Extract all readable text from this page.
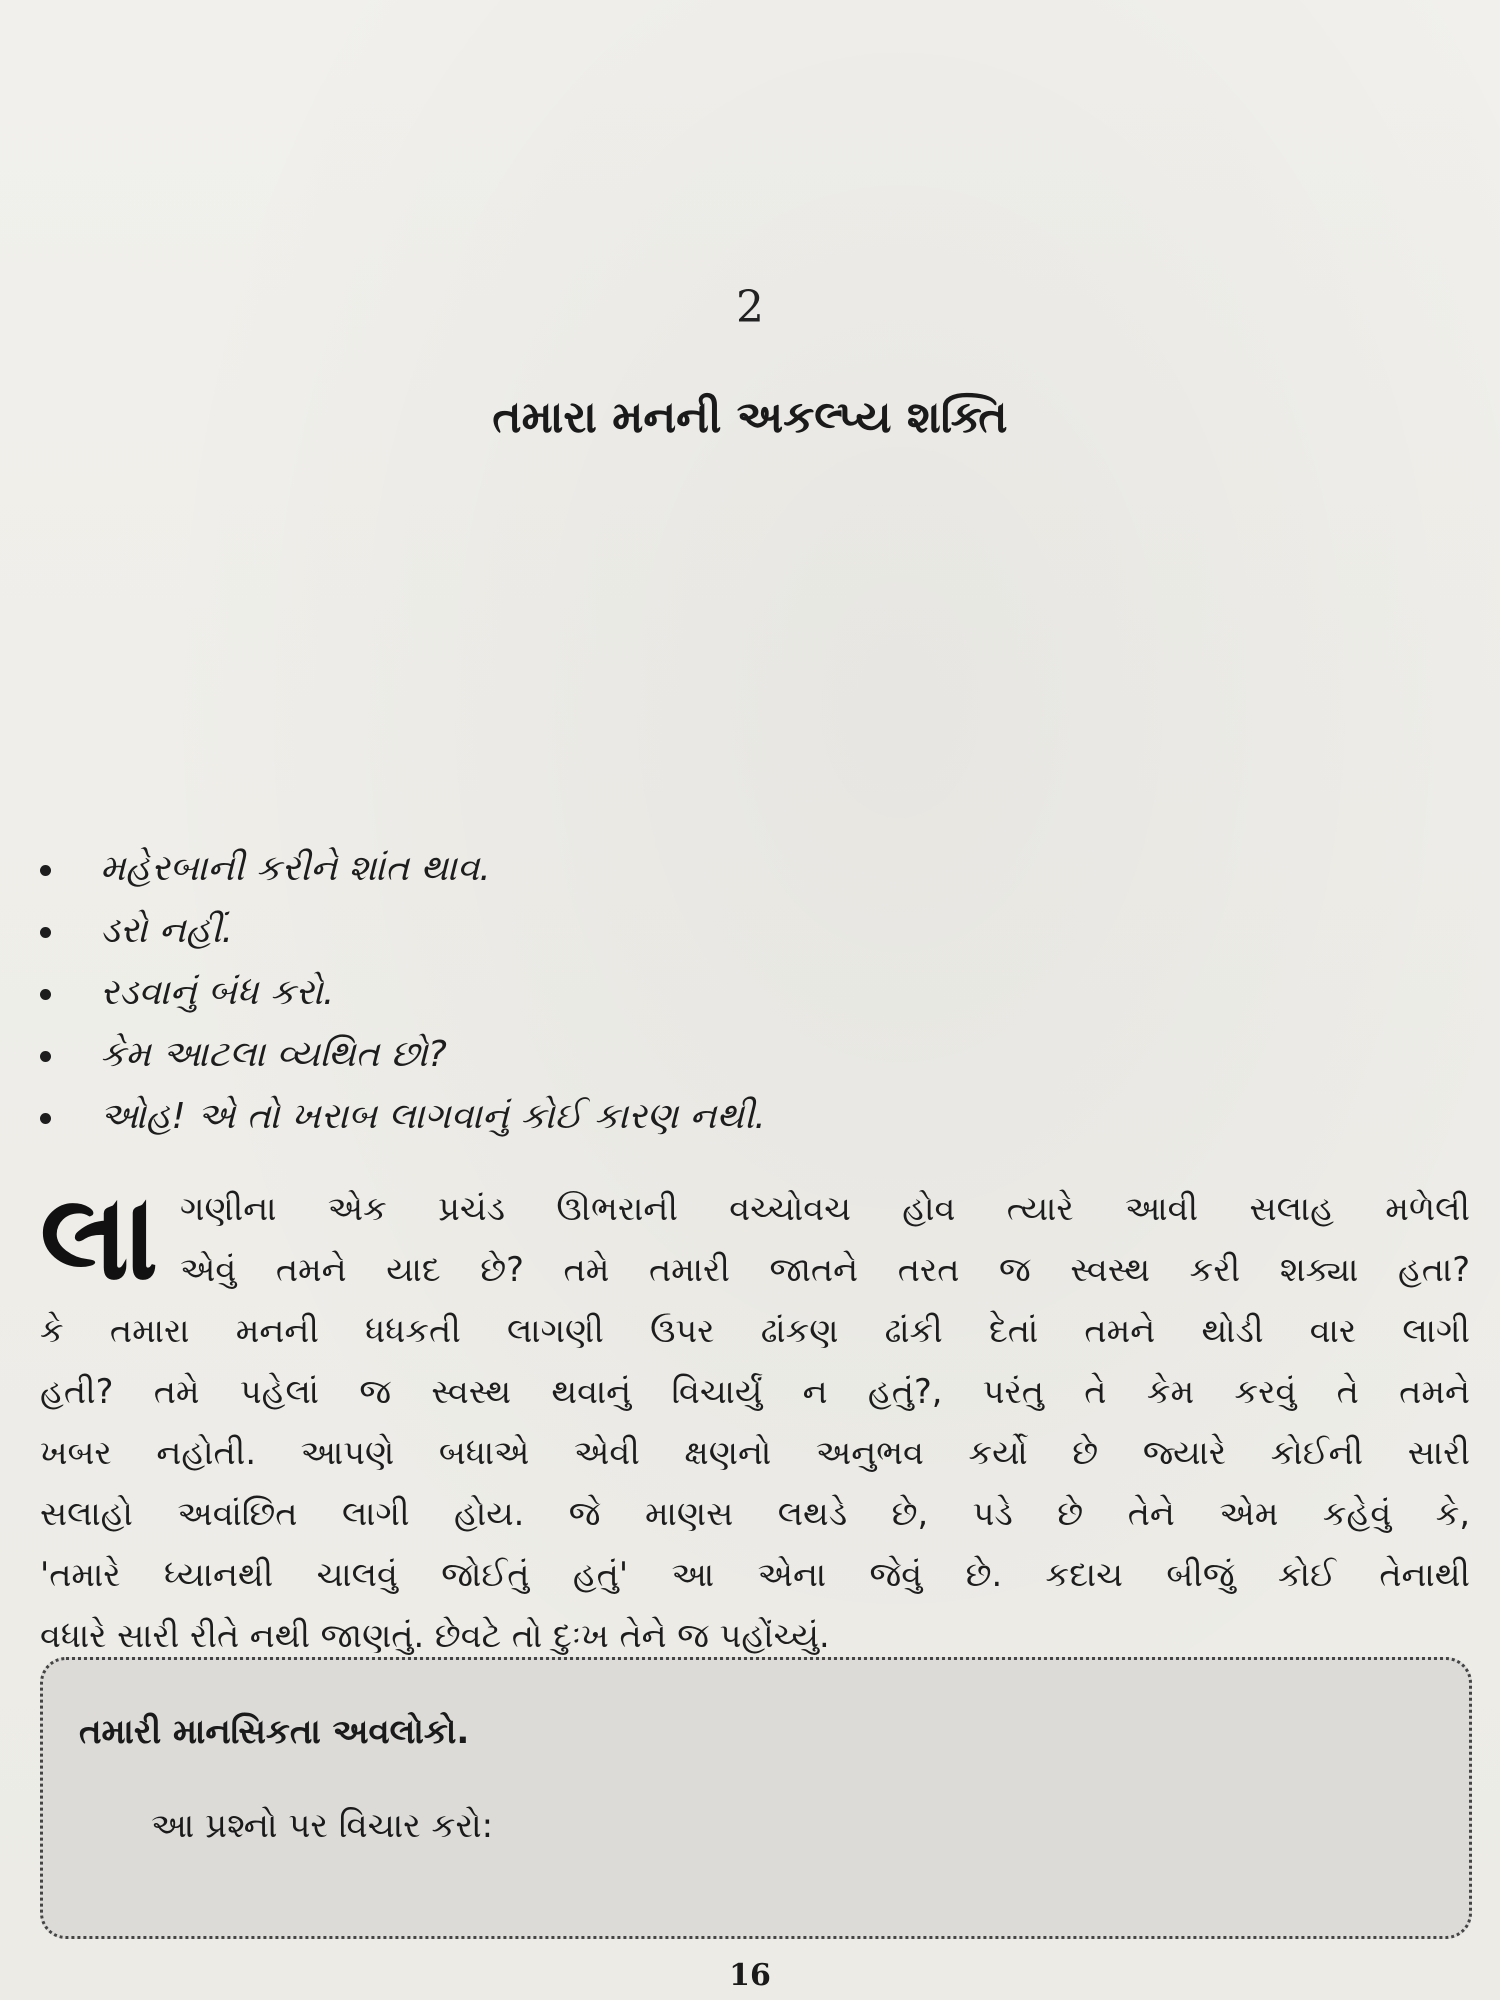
2
તમારા મનની અકલ્પ્ય શક્તિ
મહેરબાની કરીને શાંત થાવ.
ડરો નહીં.
રડવાનું બંધ કરો.
કેમ આટલા વ્યથિત છો?
ઓહ! એ તો ખરાબ લાગવાનું કોઈ કારણ નથી.
લા ગણીના એક પ્રચંડ ઊભરાની વચ્ચોવચ હોવ ત્યારે આવી સલાહ મળેલી
એવું તમને યાદ છે? તમે તમારી જાતને તરત જ સ્વસ્થ કરી શક્યા હતા?
કે તમારા મનની ધધકતી લાગણી ઉપર ઢાંકણ ઢાંકી દેતાં તમને થોડી વાર લાગી
હતી? તમે પહેલાં જ સ્વસ્થ થવાનું વિચાર્યું ન હતું?, પરંતુ તે કેમ કરવું તે તમને
ખબર નહોતી. આપણે બધાએ એવી ક્ષણનો અનુભવ કર્યો છે જ્યારે કોઈની સારી
સલાહો અવાંછિત લાગી હોય. જે માણસ લથડે છે, પડે છે તેને એમ કહેવું કે,
'તમારે ધ્યાનથી ચાલવું જોઈતું હતું' આ એના જેવું છે. કદાચ બીજું કોઈ તેનાથી
વધારે સારી રીતે નથી જાણતું. છેવટે તો દુઃખ તેને જ પહોંચ્યું.
તમારી માનસિકતા અવલોકો.
આ પ્રશ્નો પર વિચાર કરો:
16
